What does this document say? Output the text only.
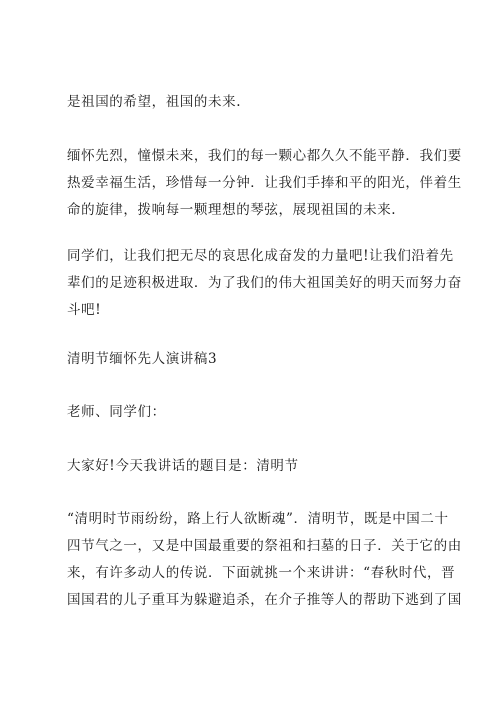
是祖国的希望，祖国的未来.

缅怀先烈，憧憬未来，我们的每一颗心都久久不能平静．我们要
热爱幸福生活，珍惜每一分钟．让我们手捧和平的阳光，伴着生
命的旋律，拨响每一颗理想的琴弦，展现祖国的未来.

同学们，让我们把无尽的哀思化成奋发的力量吧!让我们沿着先
辈们的足迹积极进取．为了我们的伟大祖国美好的明天而努力奋
斗吧!

清明节缅怀先人演讲稿3

老师、同学们：

大家好!今天我讲话的题目是：清明节

“清明时节雨纷纷，路上行人欲断魂”．清明节，既是中国二十
四节气之一，又是中国最重要的祭祖和扫墓的日子．关于它的由
来，有许多动人的传说．下面就挑一个来讲讲：“春秋时代，晋
国国君的儿子重耳为躲避追杀，在介子推等人的帮助下逃到了国
